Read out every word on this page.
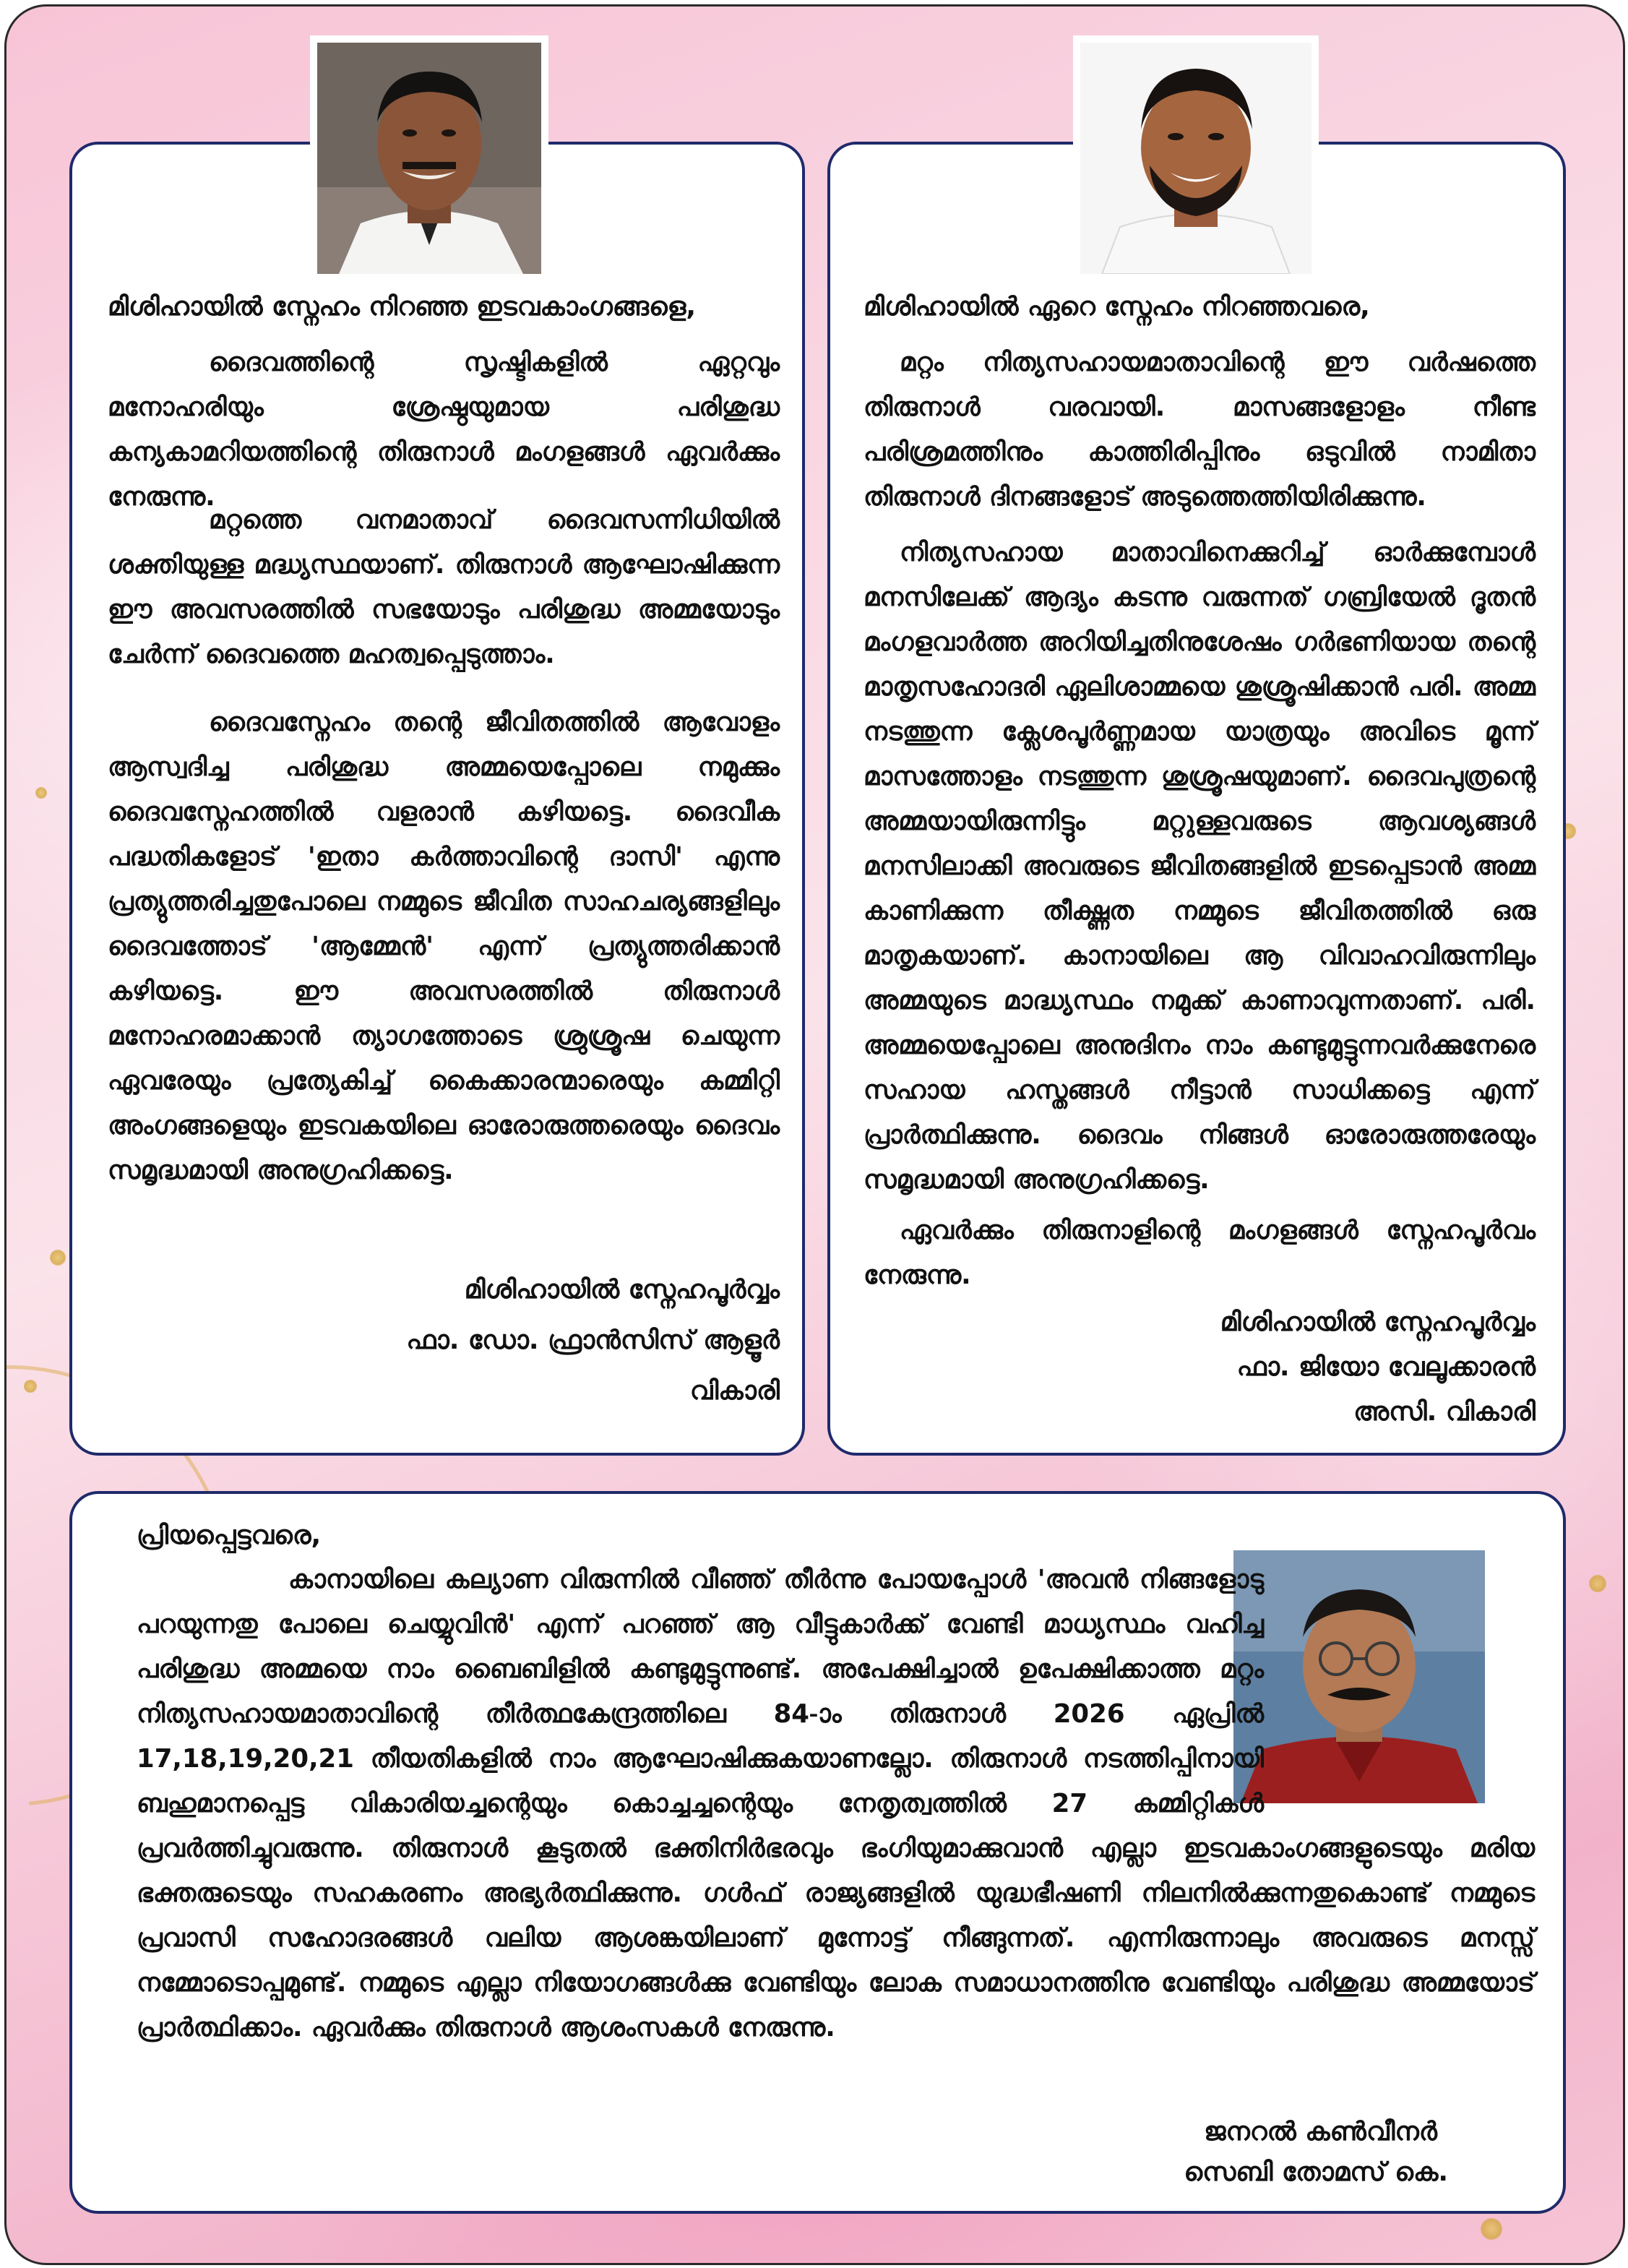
മിശിഹായിൽ സ്നേഹം നിറഞ്ഞ ഇടവകാംഗങ്ങളെ,

ദൈവത്തിന്റെ സൃഷ്ടികളിൽ ഏറ്റവും മനോഹരിയും ശ്രേഷ്ഠയുമായ പരിശുദ്ധ കന്യകാമറിയത്തിന്റെ തിരുനാൾ മംഗളങ്ങൾ ഏവർക്കും നേരുന്നു.

മറ്റത്തെ വനമാതാവ് ദൈവസന്നിധിയിൽ ശക്തിയുള്ള മദ്ധ്യസ്ഥയാണ്. തിരുനാൾ ആഘോഷിക്കുന്ന ഈ അവസരത്തിൽ സഭയോടും പരിശുദ്ധ അമ്മയോടും ചേർന്ന് ദൈവത്തെ മഹത്വപ്പെടുത്താം.

ദൈവസ്നേഹം തന്റെ ജീവിതത്തിൽ ആവോളം ആസ്വദിച്ച പരിശുദ്ധ അമ്മയെപ്പോലെ നമുക്കും ദൈവസ്നേഹത്തിൽ വളരാൻ കഴിയട്ടെ. ദൈവീക പദ്ധതികളോട് 'ഇതാ കർത്താവിന്റെ ദാസി' എന്നു പ്രത്യുത്തരിച്ചതുപോലെ നമ്മുടെ ജീവിത സാഹചര്യങ്ങളിലും ദൈവത്തോട് 'ആമ്മേൻ' എന്ന് പ്രത്യുത്തരിക്കാൻ കഴിയട്ടെ. ഈ അവസരത്തിൽ തിരുനാൾ മനോഹരമാക്കാൻ ത്യാഗത്തോടെ ശ്രുശ്രൂഷ ചെയുന്ന ഏവരേയും പ്രത്യേകിച്ച് കൈക്കാരന്മാരെയും കമ്മിറ്റി അംഗങ്ങളെയും ഇടവകയിലെ ഓരോരുത്തരെയും ദൈവം സമൃദ്ധമായി അനുഗ്രഹിക്കട്ടെ.

മിശിഹായിൽ സ്നേഹപൂർവ്വം

ഫാ. ഡോ. ഫ്രാൻസിസ് ആളൂർ

വികാരി

മിശിഹായിൽ ഏറെ സ്നേഹം നിറഞ്ഞവരെ,

മറ്റം നിത്യസഹായമാതാവിന്റെ ഈ വർഷത്തെ തിരുനാൾ വരവായി. മാസങ്ങളോളം നീണ്ട പരിശ്രമത്തിനും കാത്തിരിപ്പിനും ഒടുവിൽ നാമിതാ തിരുനാൾ ദിനങ്ങളോട് അടുത്തെത്തിയിരിക്കുന്നു.

നിത്യസഹായ മാതാവിനെക്കുറിച്ച് ഓർക്കുമ്പോൾ മനസിലേക്ക് ആദ്യം കടന്നു വരുന്നത് ഗബ്രിയേൽ ദൂതൻ മംഗളവാർത്ത അറിയിച്ചതിനുശേഷം ഗർഭണിയായ തന്റെ മാതൃസഹോദരി ഏലിശാമ്മയെ ശുശ്രൂഷിക്കാൻ പരി. അമ്മ നടത്തുന്ന ക്ലേശപൂർണ്ണമായ യാത്രയും അവിടെ മൂന്ന് മാസത്തോളം നടത്തുന്ന ശുശ്രൂഷയുമാണ്. ദൈവപുത്രന്റെ അമ്മയായിരുന്നിട്ടും മറ്റുള്ളവരുടെ ആവശ്യങ്ങൾ മനസിലാക്കി അവരുടെ ജീവിതങ്ങളിൽ ഇടപ്പെടാൻ അമ്മ കാണിക്കുന്ന തീക്ഷ്ണത നമ്മുടെ ജീവിതത്തിൽ ഒരു മാതൃകയാണ്. കാനായിലെ ആ വിവാഹവിരുന്നിലും അമ്മയുടെ മാദ്ധ്യസ്ഥം നമുക്ക് കാണാവുന്നതാണ്. പരി. അമ്മയെപ്പോലെ അനുദിനം നാം കണ്ടുമുട്ടുന്നവർക്കുനേരെ സഹായ ഹസ്തങ്ങൾ നീട്ടാൻ സാധിക്കട്ടെ എന്ന് പ്രാർത്ഥിക്കുന്നു. ദൈവം നിങ്ങൾ ഓരോരുത്തരേയും സമൃദ്ധമായി അനുഗ്രഹിക്കട്ടെ.

ഏവർക്കും തിരുനാളിന്റെ മംഗളങ്ങൾ സ്നേഹപൂർവം നേരുന്നു.

മിശിഹായിൽ സ്നേഹപൂർവ്വം

ഫാ. ജിയോ വേലൂക്കാരൻ

അസി. വികാരി

പ്രിയപ്പെട്ടവരെ,

കാനായിലെ കല്യാണ വിരുന്നിൽ വീഞ്ഞ് തീർന്നു പോയപ്പോൾ 'അവൻ നിങ്ങളോടു പറയുന്നതു പോലെ ചെയ്യുവിൻ' എന്ന് പറഞ്ഞ് ആ വീട്ടുകാർക്ക് വേണ്ടി മാധ്യസ്ഥം വഹിച്ച പരിശുദ്ധ അമ്മയെ നാം ബൈബിളിൽ കണ്ടുമുട്ടുന്നുണ്ട്. അപേക്ഷിച്ചാൽ ഉപേക്ഷിക്കാത്ത മറ്റം നിത്യസഹായമാതാവിന്റെ തീർത്ഥകേന്ദ്രത്തിലെ 84-ാം തിരുനാൾ 2026 ഏപ്രിൽ 17,18,19,20,21 തീയതികളിൽ നാം ആഘോഷിക്കുകയാണല്ലോ. തിരുനാൾ നടത്തിപ്പിനായി ബഹുമാനപ്പെട്ട വികാരിയച്ചന്റെയും കൊച്ചച്ചന്റെയും നേതൃത്വത്തിൽ 27 കമ്മിറ്റികൾ പ്രവർത്തിച്ചുവരുന്നു. തിരുനാൾ കൂടുതൽ ഭക്തിനിർഭരവും ഭംഗിയുമാക്കുവാൻ എല്ലാ ഇടവകാംഗങ്ങളുടെയും മരിയ ഭക്തരുടെയും സഹകരണം അഭ്യർത്ഥിക്കുന്നു. ഗൾഫ് രാജ്യങ്ങളിൽ യുദ്ധഭീഷണി നിലനിൽക്കുന്നതുകൊണ്ട് നമ്മുടെ പ്രവാസി സഹോദരങ്ങൾ വലിയ ആശങ്കയിലാണ് മുന്നോട്ട് നീങ്ങുന്നത്. എന്നിരുന്നാലും അവരുടെ മനസ്സ് നമ്മോടൊപ്പമുണ്ട്. നമ്മുടെ എല്ലാ നിയോഗങ്ങൾക്കു വേണ്ടിയും ലോക സമാധാനത്തിനു വേണ്ടിയും പരിശുദ്ധ അമ്മയോട് പ്രാർത്ഥിക്കാം. ഏവർക്കും തിരുനാൾ ആശംസകൾ നേരുന്നു.

ജനറൽ കൺവീനർ

സെബി തോമസ് കെ.
